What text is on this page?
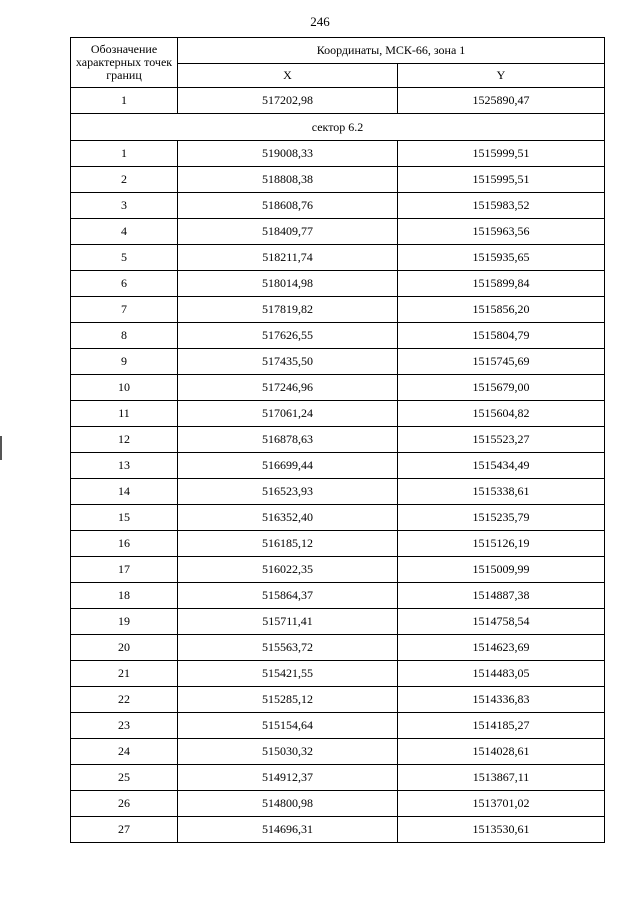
246
Обозначение характерных точек границ	Координаты, МСК-66, зона 1	
	X	Y
1	517202,98	1525890,47
сектор 6.2		
1	519008,33	1515999,51
2	518808,38	1515995,51
3	518608,76	1515983,52
4	518409,77	1515963,56
5	518211,74	1515935,65
6	518014,98	1515899,84
7	517819,82	1515856,20
8	517626,55	1515804,79
9	517435,50	1515745,69
10	517246,96	1515679,00
11	517061,24	1515604,82
12	516878,63	1515523,27
13	516699,44	1515434,49
14	516523,93	1515338,61
15	516352,40	1515235,79
16	516185,12	1515126,19
17	516022,35	1515009,99
18	515864,37	1514887,38
19	515711,41	1514758,54
20	515563,72	1514623,69
21	515421,55	1514483,05
22	515285,12	1514336,83
23	515154,64	1514185,27
24	515030,32	1514028,61
25	514912,37	1513867,11
26	514800,98	1513701,02
27	514696,31	1513530,61
